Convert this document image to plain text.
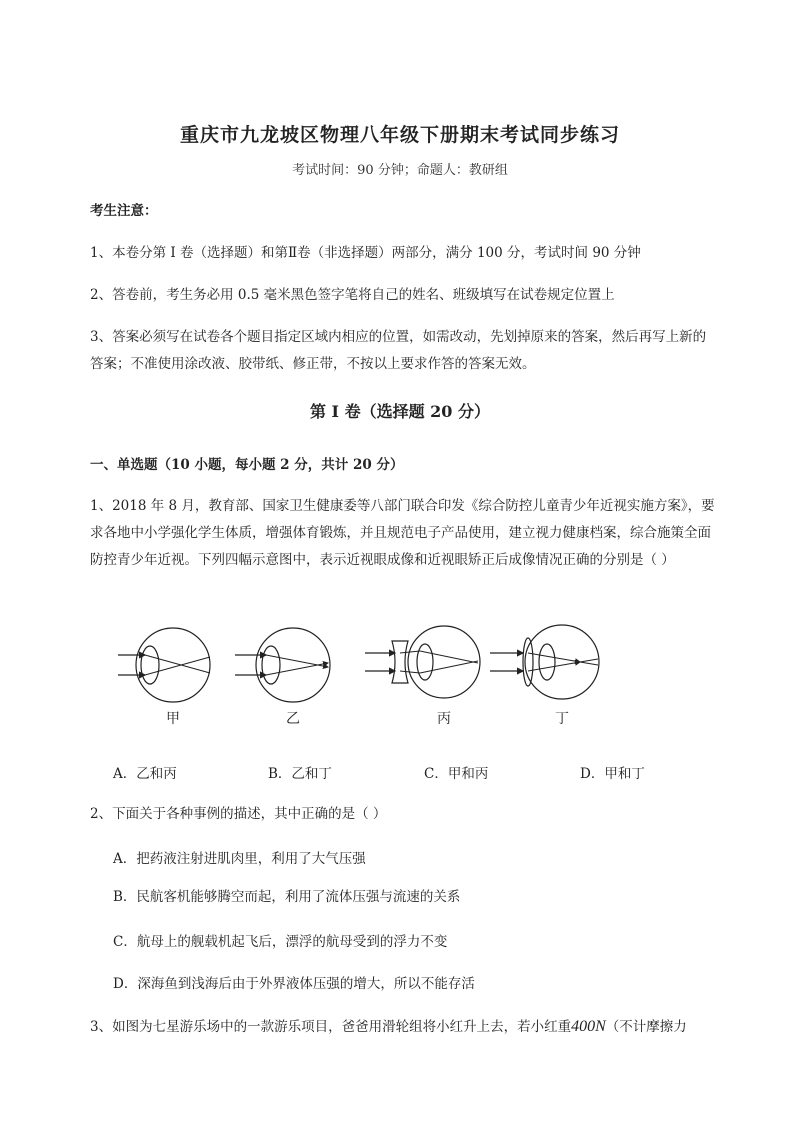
重庆市九龙坡区物理八年级下册期末考试同步练习
考试时间：90 分钟；命题人：教研组
考生注意：
1、本卷分第 I 卷（选择题）和第Ⅱ卷（非选择题）两部分，满分 100 分，考试时间 90 分钟
2、答卷前，考生务必用 0.5 毫米黑色签字笔将自己的姓名、班级填写在试卷规定位置上
3、答案必须写在试卷各个题目指定区域内相应的位置，如需改动，先划掉原来的答案，然后再写上新的答案；不准使用涂改液、胶带纸、修正带，不按以上要求作答的答案无效。
第 I 卷（选择题 20 分）
一、单选题（10 小题，每小题 2 分，共计 20 分）
1、2018 年 8 月，教育部、国家卫生健康委等八部门联合印发《综合防控儿童青少年近视实施方案》，要求各地中小学强化学生体质，增强体育锻炼，并且规范电子产品使用，建立视力健康档案，综合施策全面防控青少年近视。下列四幅示意图中，表示近视眼成像和近视眼矫正后成像情况正确的分别是（ ）
甲	乙	丙	丁
A．乙和丙	B．乙和丁	C．甲和丙	D．甲和丁
2、下面关于各种事例的描述，其中正确的是（ ）
A．把药液注射进肌肉里，利用了大气压强
B．民航客机能够腾空而起，利用了流体压强与流速的关系
C．航母上的舰载机起飞后，漂浮的航母受到的浮力不变
D．深海鱼到浅海后由于外界液体压强的增大，所以不能存活
3、如图为七星游乐场中的一款游乐项目，爸爸用滑轮组将小红升上去，若小红重400N（不计摩擦力
